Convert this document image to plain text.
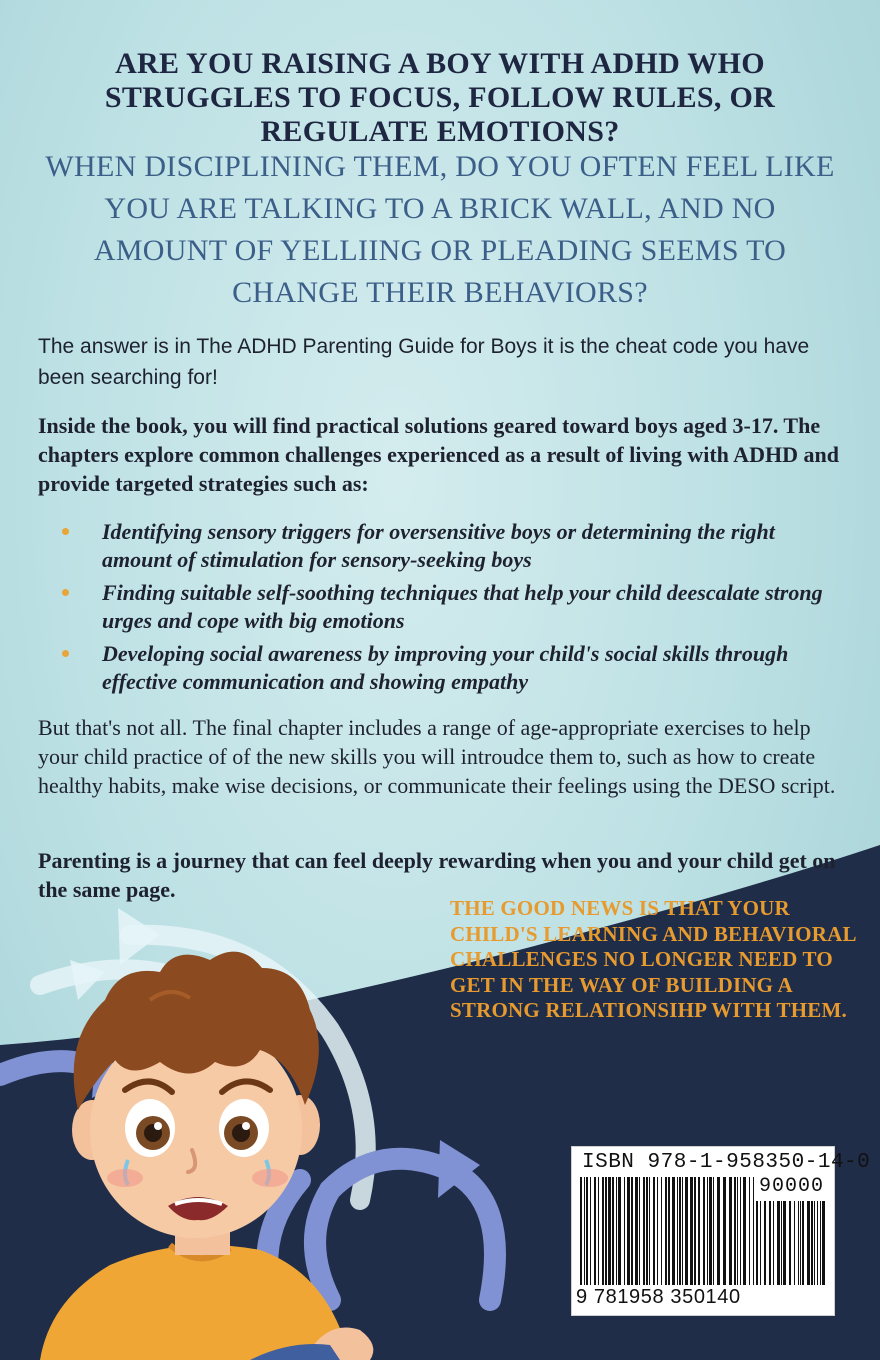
ARE YOU RAISING A BOY WITH ADHD WHO STRUGGLES TO FOCUS, FOLLOW RULES, OR REGULATE EMOTIONS?

WHEN DISCIPLINING THEM, DO YOU OFTEN FEEL LIKE YOU ARE TALKING TO A BRICK WALL, AND NO AMOUNT OF YELLIING OR PLEADING SEEMS TO CHANGE THEIR BEHAVIORS?

The answer is in The ADHD Parenting Guide for Boys it is the cheat code you have been searching for!

Inside the book, you will find practical solutions geared toward boys aged 3-17. The chapters explore common challenges experienced as a result of living with ADHD and provide targeted strategies such as:

Identifying sensory triggers for oversensitive boys or determining the right amount of stimulation for sensory-seeking boys
Finding suitable self-soothing techniques that help your child deescalate strong urges and cope with big emotions
Developing social awareness by improving your child's social skills through effective communication and showing empathy

But that's not all. The final chapter includes a range of age-appropriate exercises to help your child practice of of the new skills you will introudce them to, such as how to create healthy habits, make wise decisions, or communicate their feelings using the DESO script.

Parenting is a journey that can feel deeply rewarding when you and your child get on the same page.

THE GOOD NEWS IS THAT YOUR CHILD'S LEARNING AND BEHAVIORAL CHALLENGES NO LONGER NEED TO GET IN THE WAY OF BUILDING A STRONG RELATIONSIHP WITH THEM.

ISBN 978-1-958350-14-0
90000
9 781958 350140
